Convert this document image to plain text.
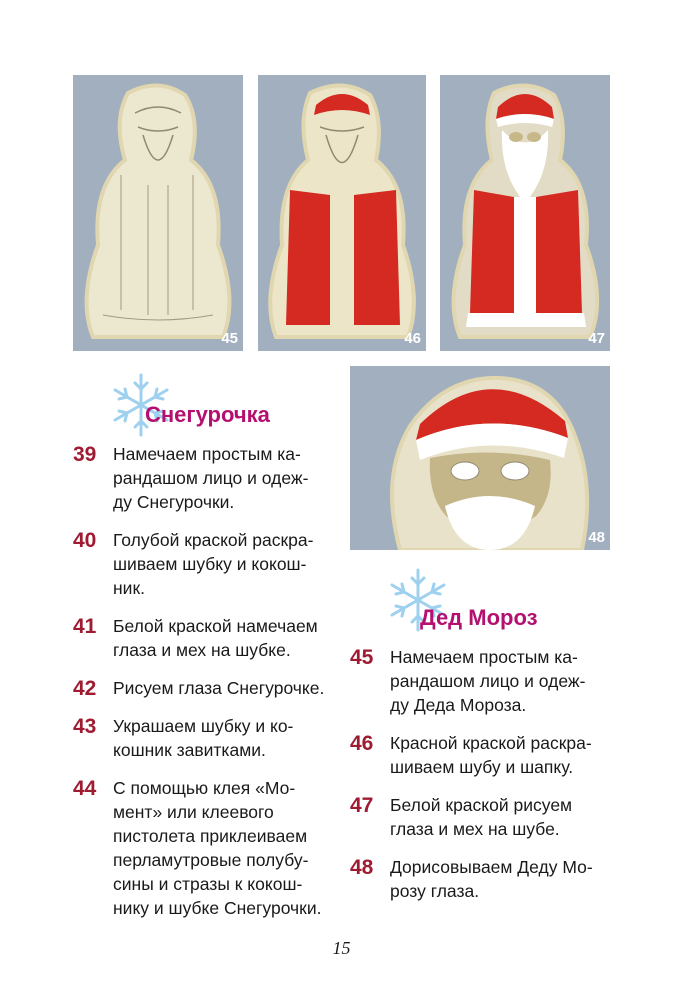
45	46	47
48
Снегурочка
Дед Мороз
39 Намечаем простым ка-
рандашом лицо и одеж-
ду Снегурочки.
40 Голубой краской раскра-
шиваем шубку и кокош-
ник.
41 Белой краской намечаем
глаза и мех на шубке.
42 Рисуем глаза Снегурочке.
43 Украшаем шубку и ко-
кошник завитками.
44 С помощью клея «Мо-
мент» или клеевого
пистолета приклеиваем
перламутровые полубу-
сины и стразы к кокош-
нику и шубке Снегурочки.
45 Намечаем простым ка-
рандашом лицо и одеж-
ду Деда Мороза.
46 Красной краской раскра-
шиваем шубу и шапку.
47 Белой краской рисуем
глаза и мех на шубе.
48 Дорисовываем Деду Мо-
розу глаза.
15
